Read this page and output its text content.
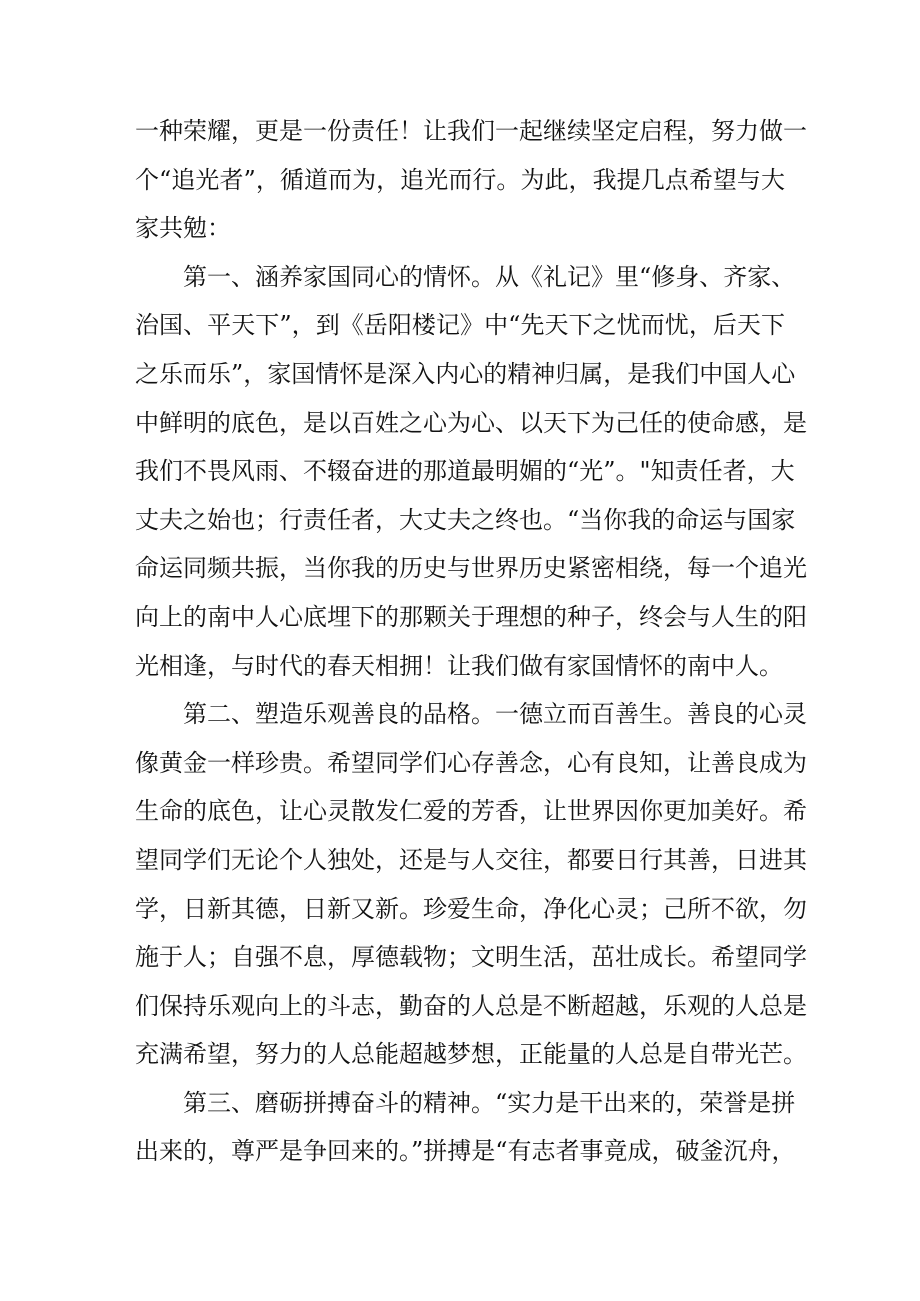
一种荣耀，更是一份责任！让我们一起继续坚定启程，努力做一
个“追光者”，循道而为，追光而行。为此，我提几点希望与大
家共勉：
第一、涵养家国同心的情怀。从《礼记》里“修身、齐家、
治国、平天下”，到《岳阳楼记》中“先天下之忧而忧，后天下
之乐而乐”，家国情怀是深入内心的精神归属，是我们中国人心
中鲜明的底色，是以百姓之心为心、以天下为己任的使命感，是
我们不畏风雨、不辍奋进的那道最明媚的“光”。"知责任者，大
丈夫之始也；行责任者，大丈夫之终也。“当你我的命运与国家
命运同频共振，当你我的历史与世界历史紧密相绕，每一个追光
向上的南中人心底埋下的那颗关于理想的种子，终会与人生的阳
光相逢，与时代的春天相拥！让我们做有家国情怀的南中人。
第二、塑造乐观善良的品格。一德立而百善生。善良的心灵
像黄金一样珍贵。希望同学们心存善念，心有良知，让善良成为
生命的底色，让心灵散发仁爱的芳香，让世界因你更加美好。希
望同学们无论个人独处，还是与人交往，都要日行其善，日进其
学，日新其德，日新又新。珍爱生命，净化心灵；己所不欲，勿
施于人；自强不息，厚德载物；文明生活，茁壮成长。希望同学
们保持乐观向上的斗志，勤奋的人总是不断超越，乐观的人总是
充满希望，努力的人总能超越梦想，正能量的人总是自带光芒。
第三、磨砺拼搏奋斗的精神。“实力是干出来的，荣誉是拼
出来的，尊严是争回来的。”拼搏是“有志者事竟成，破釜沉舟，
